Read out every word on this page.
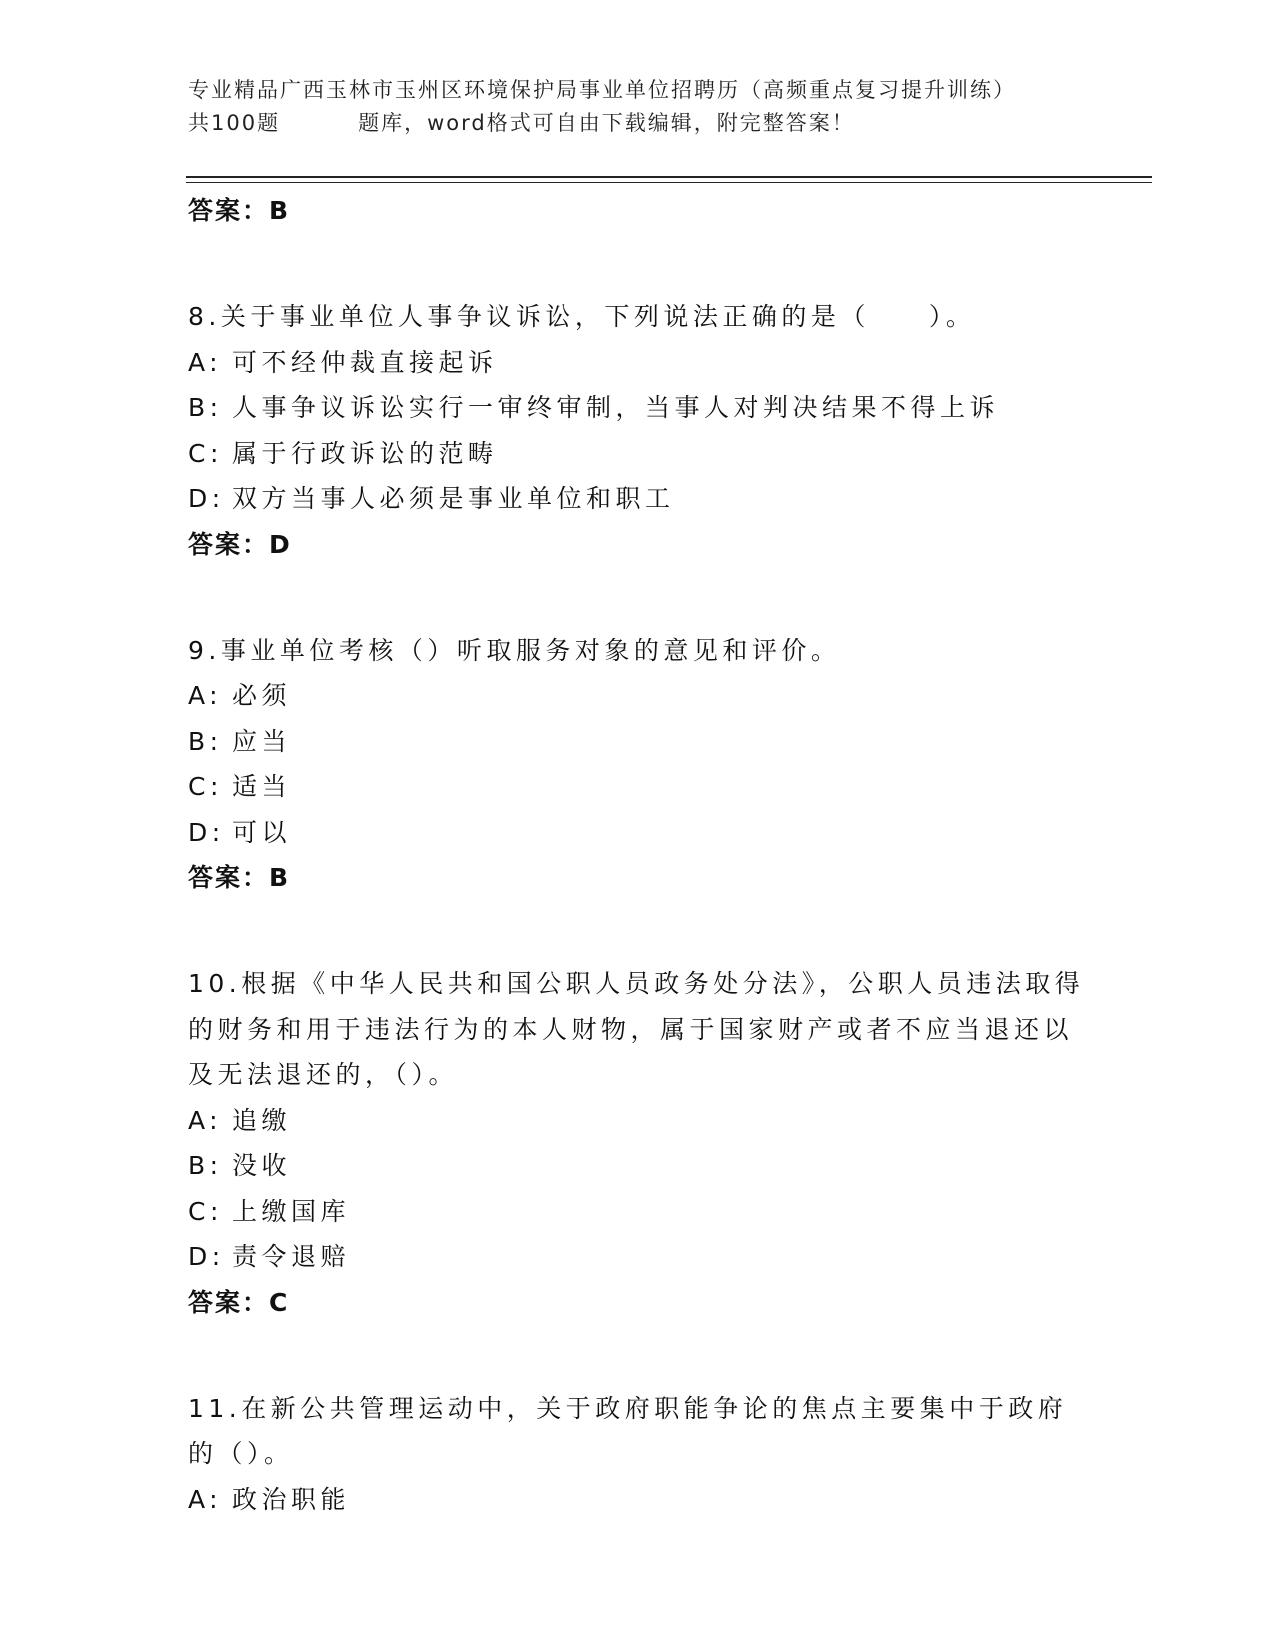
专业精品广西玉林市玉州区环境保护局事业单位招聘历（高频重点复习提升训练）
共100题	题库，word格式可自由下载编辑，附完整答案！
答案：B
8.关于事业单位人事争议诉讼，下列说法正确的是（　　）。
A: 可不经仲裁直接起诉
B: 人事争议诉讼实行一审终审制，当事人对判决结果不得上诉
C: 属于行政诉讼的范畴
D: 双方当事人必须是事业单位和职工
答案：D
9.事业单位考核（）听取服务对象的意见和评价。
A: 必须
B: 应当
C: 适当
D: 可以
答案：B
10.根据《中华人民共和国公职人员政务处分法》，公职人员违法取得的财务和用于违法行为的本人财物，属于国家财产或者不应当退还以及无法退还的，（）。
A: 追缴
B: 没收
C: 上缴国库
D: 责令退赔
答案：C
11.在新公共管理运动中，关于政府职能争论的焦点主要集中于政府的（）。
A: 政治职能
